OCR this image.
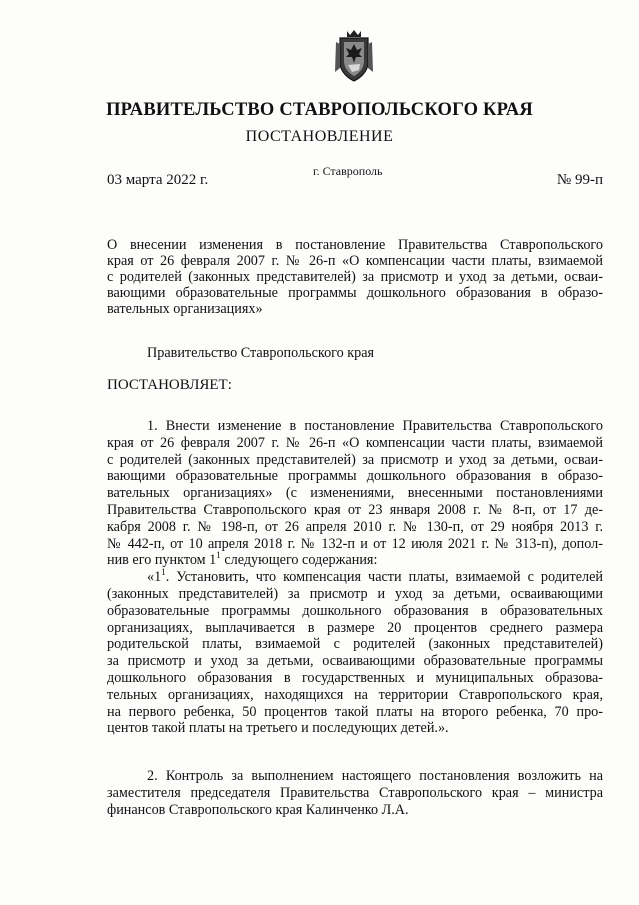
ПРАВИТЕЛЬСТВО СТАВРОПОЛЬСКОГО КРАЯ
ПОСТАНОВЛЕНИЕ
03 марта 2022 г.
г. Ставрополь
№ 99-п
О внесении изменения в постановление Правительства Ставропольского
края от 26 февраля 2007 г. № 26-п «О компенсации части платы, взимаемой
с родителей (законных представителей) за присмотр и уход за детьми, осваи-
вающими образовательные программы дошкольного образования в образо-
вательных организациях»
Правительство Ставропольского края
ПОСТАНОВЛЯЕТ:
1. Внести изменение в постановление Правительства Ставропольского
края от 26 февраля 2007 г. № 26-п «О компенсации части платы, взимаемой
с родителей (законных представителей) за присмотр и уход за детьми, осваи-
вающими образовательные программы дошкольного образования в образо-
вательных организациях» (с изменениями, внесенными постановлениями
Правительства Ставропольского края от 23 января 2008 г. № 8-п, от 17 де-
кабря 2008 г. № 198-п, от 26 апреля 2010 г. № 130-п, от 29 ноября 2013 г.
№ 442-п, от 10 апреля 2018 г. № 132-п и от 12 июля 2021 г. № 313-п), допол-
нив его пунктом $1^1$ следующего содержания:
«$1^1$. Установить, что компенсация части платы, взимаемой с родителей
(законных представителей) за присмотр и уход за детьми, осваивающими
образовательные программы дошкольного образования в образовательных
организациях, выплачивается в размере 20 процентов среднего размера
родительской платы, взимаемой с родителей (законных представителей)
за присмотр и уход за детьми, осваивающими образовательные программы
дошкольного образования в государственных и муниципальных образова-
тельных организациях, находящихся на территории Ставропольского края,
на первого ребенка, 50 процентов такой платы на второго ребенка, 70 про-
центов такой платы на третьего и последующих детей.».
2. Контроль за выполнением настоящего постановления возложить на
заместителя председателя Правительства Ставропольского края – министра
финансов Ставропольского края Калинченко Л.А.
